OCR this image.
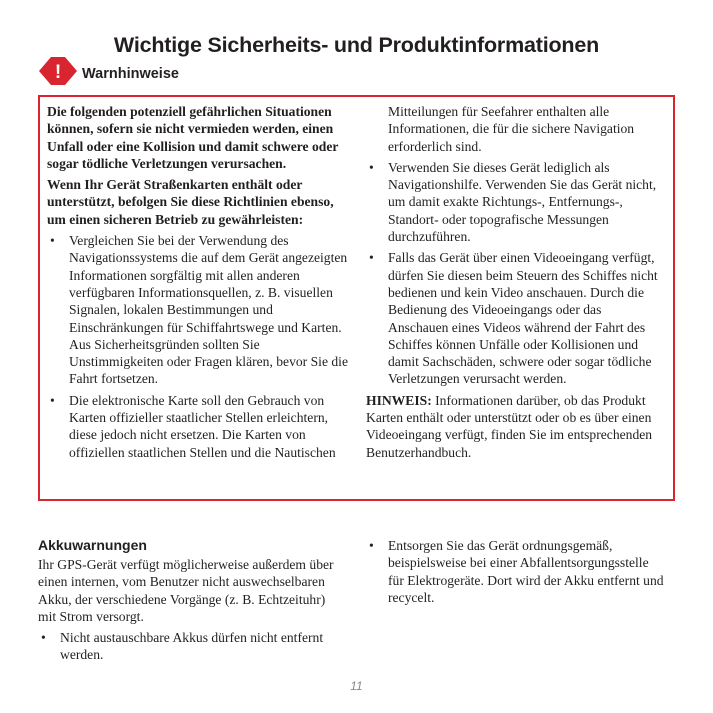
Wichtige Sicherheits- und Produktinformationen
! Warnhinweise

Die folgenden potenziell gefährlichen Situationen können, sofern sie nicht vermieden werden, einen Unfall oder eine Kollision und damit schwere oder sogar tödliche Verletzungen verursachen.

Wenn Ihr Gerät Straßenkarten enthält oder unterstützt, befolgen Sie diese Richtlinien ebenso, um einen sicheren Betrieb zu gewährleisten:

• Vergleichen Sie bei der Verwendung des Navigationssystems die auf dem Gerät angezeigten Informationen sorgfältig mit allen anderen verfügbaren Informationsquellen, z. B. visuellen Signalen, lokalen Bestimmungen und Einschränkungen für Schiffahrtswege und Karten. Aus Sicherheitsgründen sollten Sie Unstimmigkeiten oder Fragen klären, bevor Sie die Fahrt fortsetzen.
• Die elektronische Karte soll den Gebrauch von Karten offizieller staatlicher Stellen erleichtern, diese jedoch nicht ersetzen. Die Karten von offiziellen staatlichen Stellen und die Nautischen

Mitteilungen für Seefahrer enthalten alle Informationen, die für die sichere Navigation erforderlich sind.

• Verwenden Sie dieses Gerät lediglich als Navigationshilfe. Verwenden Sie das Gerät nicht, um damit exakte Richtungs-, Entfernungs-, Standort- oder topografische Messungen durchzuführen.
• Falls das Gerät über einen Videoeingang verfügt, dürfen Sie diesen beim Steuern des Schiffes nicht bedienen und kein Video anschauen. Durch die Bedienung des Videoeingangs oder das Anschauen eines Videos während der Fahrt des Schiffes können Unfälle oder Kollisionen und damit Sachschäden, schwere oder sogar tödliche Verletzungen verursacht werden.

HINWEIS: Informationen darüber, ob das Produkt Karten enthält oder unterstützt oder ob es über einen Videoeingang verfügt, finden Sie im entsprechenden Benutzerhandbuch.

Akkuwarnungen

Ihr GPS-Gerät verfügt möglicherweise außerdem über einen internen, vom Benutzer nicht auswechselbaren Akku, der verschiedene Vorgänge (z. B. Echtzeituhr) mit Strom versorgt.

• Nicht austauschbare Akkus dürfen nicht entfernt werden.
• Entsorgen Sie das Gerät ordnungsgemäß, beispielsweise bei einer Abfallentsorgungsstelle für Elektrogeräte. Dort wird der Akku entfernt und recycelt.
11
